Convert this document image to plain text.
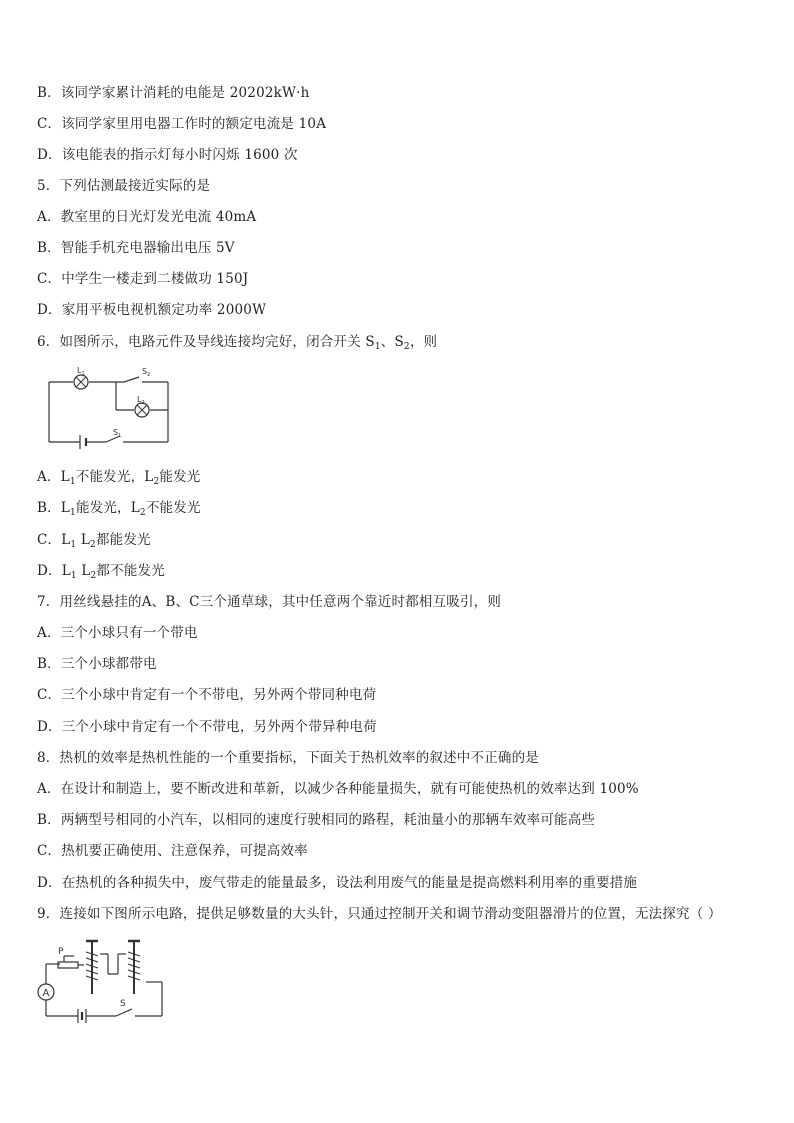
B．该同学家累计消耗的电能是 20202kW·h
C．该同学家里用电器工作时的额定电流是 10A
D．该电能表的指示灯每小时闪烁 1600 次
5．下列估测最接近实际的是
A．教室里的日光灯发光电流 40mA
B．智能手机充电器输出电压 5V
C．中学生一楼走到二楼做功 150J
D．家用平板电视机额定功率 2000W
6．如图所示，电路元件及导线连接均完好，闭合开关 $S_1$、$S_2$，则
$L_1$
$L_2$
$S_2$
$S_1$
A．$L_1$不能发光，$L_2$能发光
B．$L_1$能发光，$L_2$不能发光
C．$L_1$ $L_2$都能发光
D．$L_1$ $L_2$都不能发光
7．用丝线悬挂的A、B、C三个通草球，其中任意两个靠近时都相互吸引，则
A．三个小球只有一个带电
B．三个小球都带电
C．三个小球中肯定有一个不带电，另外两个带同种电荷
D．三个小球中肯定有一个不带电，另外两个带异种电荷
8．热机的效率是热机性能的一个重要指标，下面关于热机效率的叙述中不正确的是
A．在设计和制造上，要不断改进和革新，以减少各种能量损失，就有可能使热机的效率达到 100%
B．两辆型号相同的小汽车，以相同的速度行驶相同的路程，耗油量小的那辆车效率可能高些
C．热机要正确使用、注意保养，可提高效率
D．在热机的各种损失中，废气带走的能量最多，设法利用废气的能量是提高燃料利用率的重要措施
9．连接如下图所示电路，提供足够数量的大头针，只通过控制开关和调节滑动变阻器滑片的位置，无法探究（ ）
A
P
S
